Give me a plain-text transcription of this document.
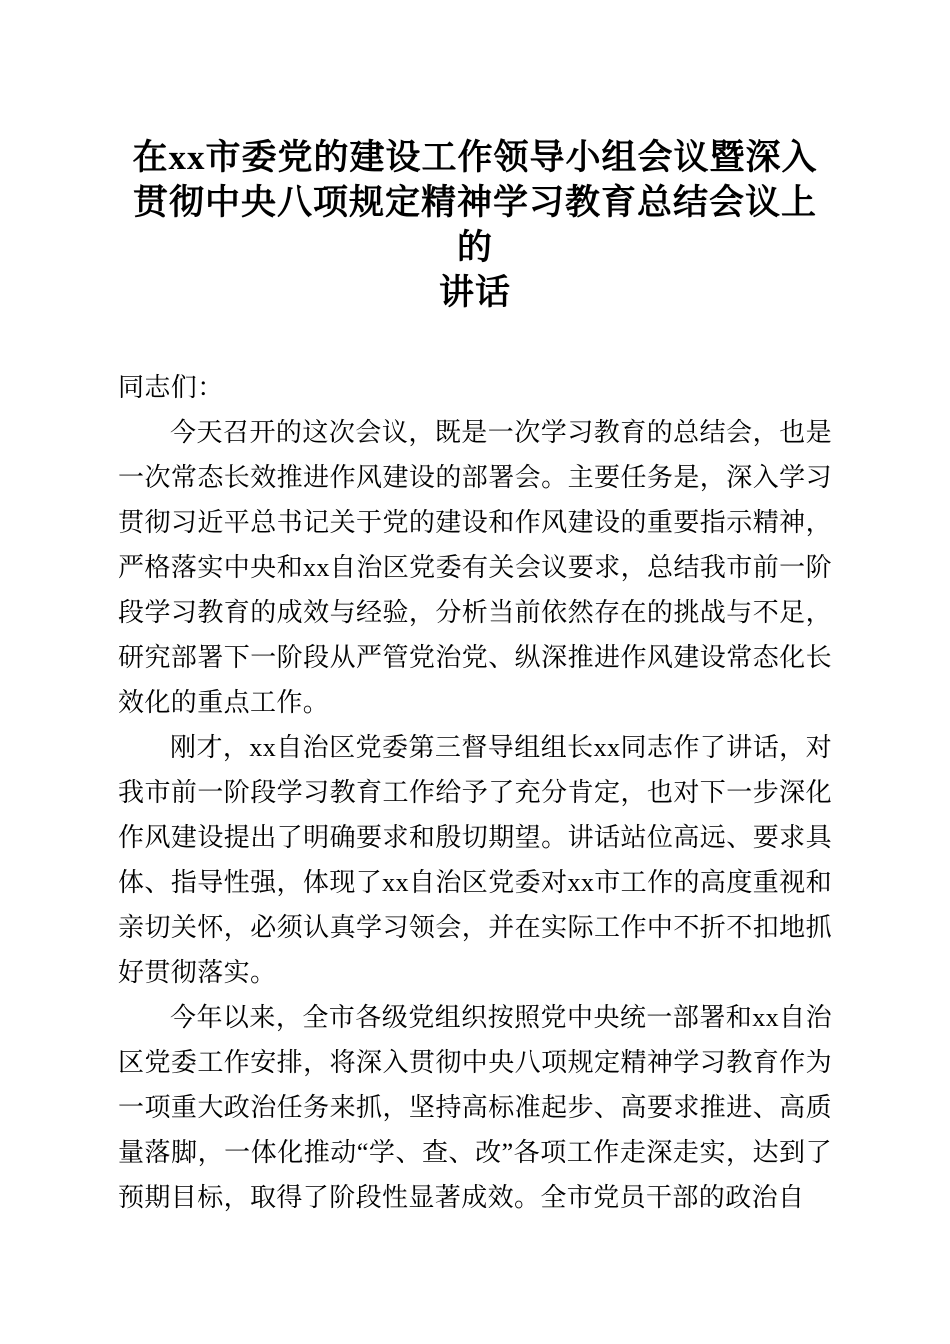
在xx市委党的建设工作领导小组会议暨深入
贯彻中央八项规定精神学习教育总结会议上的
讲话

同志们：

今天召开的这次会议，既是一次学习教育的总结会，也是一次常态长效推进作风建设的部署会。主要任务是，深入学习贯彻习近平总书记关于党的建设和作风建设的重要指示精神，严格落实中央和xx自治区党委有关会议要求，总结我市前一阶段学习教育的成效与经验，分析当前依然存在的挑战与不足，研究部署下一阶段从严管党治党、纵深推进作风建设常态化长效化的重点工作。

刚才，xx自治区党委第三督导组组长xx同志作了讲话，对我市前一阶段学习教育工作给予了充分肯定，也对下一步深化作风建设提出了明确要求和殷切期望。讲话站位高远、要求具体、指导性强，体现了xx自治区党委对xx市工作的高度重视和亲切关怀，必须认真学习领会，并在实际工作中不折不扣地抓好贯彻落实。

今年以来，全市各级党组织按照党中央统一部署和xx自治区党委工作安排，将深入贯彻中央八项规定精神学习教育作为一项重大政治任务来抓，坚持高标准起步、高要求推进、高质量落脚，一体化推动“学、查、改”各项工作走深走实，达到了预期目标，取得了阶段性显著成效。全市党员干部的政治自
